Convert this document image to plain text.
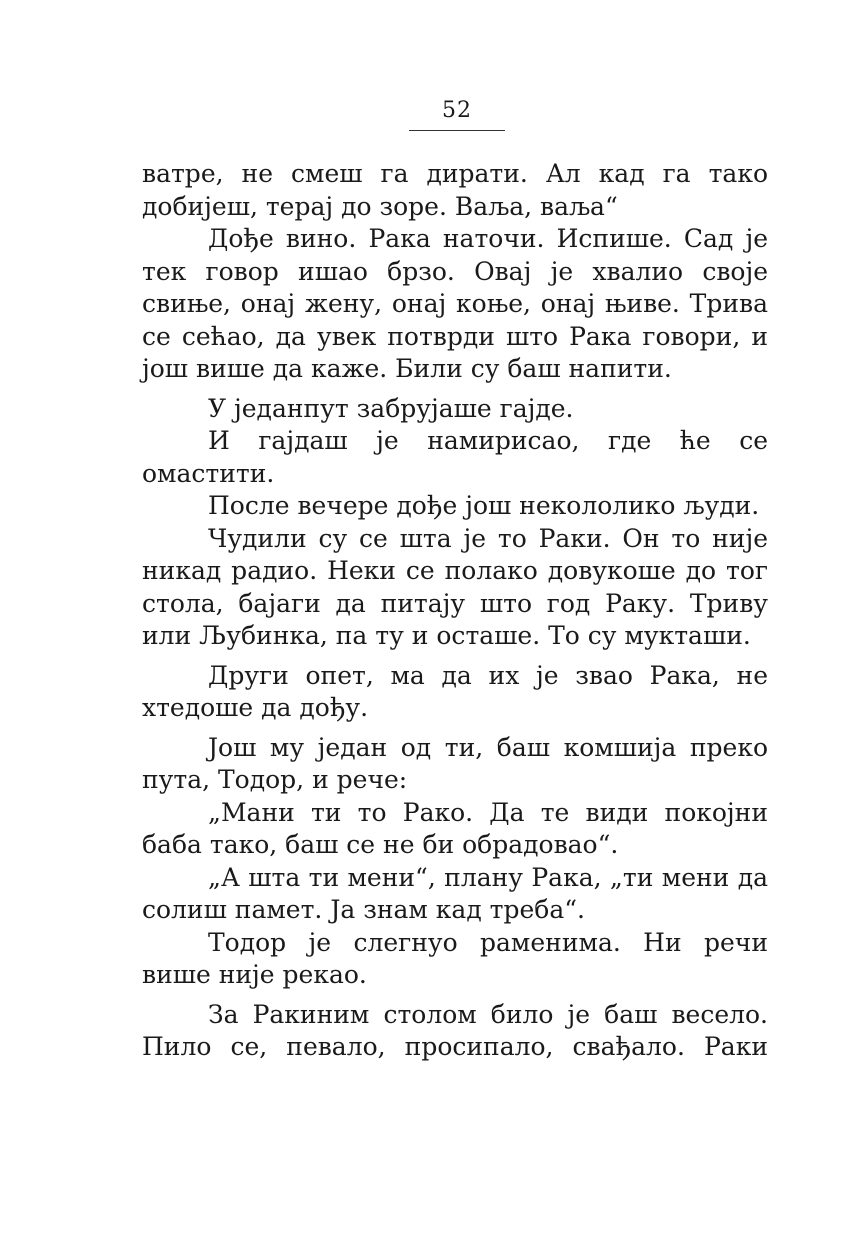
52

ватре, не смеш га дирати. Ал кад га тако добијеш, терај до зоре. Ваља, ваља“

Дође вино. Рака наточи. Испише. Сад је тек говор ишао брзо. Овај је хвалио своје свиње, онај жену, онај коње, онај њиве. Трива се сећао, да увек потврди што Рака говори, и још више да каже. Били су баш напити.

У једанпут забрујаше гајде.

И гајдаш је намирисао, где ће се омастити.

После вечере дође још нeкололико људи.

Чудили су се шта је то Раки. Он то није никад радио. Неки се полако довукоше до тог стола, бајаги да питају што год Раку. Триву или Љубинка, па ту и осташе. То су мукташи.

Други опет, ма да их је звао Рака, не хтедоше да дођу.

Још му један од ти, баш комшија преко пута, Тодор, и рече:

„Мани ти то Рако. Да те види покојни баба тако, баш се не би обрадовао“.

„А шта ти мени“, плану Рака, „ти мени да солиш памет. Ја знам кад треба“.

Тодор је слегнуо раменима. Ни речи више није рекао.

За Ракиним столом било је баш весело. Пило се, певало, просипало, свађало. Раки
